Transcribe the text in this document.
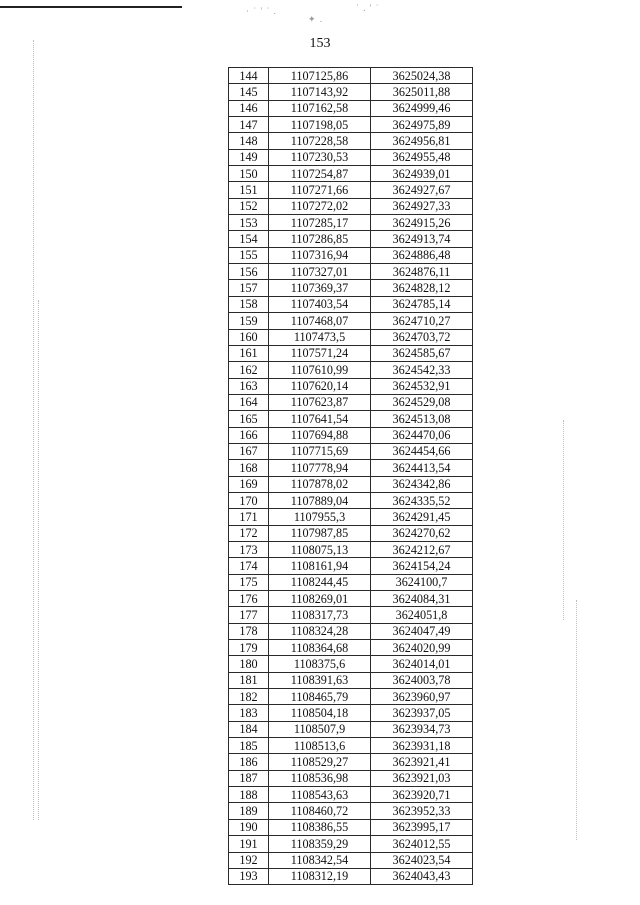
· ˙ ' ˙ .
✦ .
˙ . ' ˙
153
144	1107125,86	3625024,38
145	1107143,92	3625011,88
146	1107162,58	3624999,46
147	1107198,05	3624975,89
148	1107228,58	3624956,81
149	1107230,53	3624955,48
150	1107254,87	3624939,01
151	1107271,66	3624927,67
152	1107272,02	3624927,33
153	1107285,17	3624915,26
154	1107286,85	3624913,74
155	1107316,94	3624886,48
156	1107327,01	3624876,11
157	1107369,37	3624828,12
158	1107403,54	3624785,14
159	1107468,07	3624710,27
160	1107473,5	3624703,72
161	1107571,24	3624585,67
162	1107610,99	3624542,33
163	1107620,14	3624532,91
164	1107623,87	3624529,08
165	1107641,54	3624513,08
166	1107694,88	3624470,06
167	1107715,69	3624454,66
168	1107778,94	3624413,54
169	1107878,02	3624342,86
170	1107889,04	3624335,52
171	1107955,3	3624291,45
172	1107987,85	3624270,62
173	1108075,13	3624212,67
174	1108161,94	3624154,24
175	1108244,45	3624100,7
176	1108269,01	3624084,31
177	1108317,73	3624051,8
178	1108324,28	3624047,49
179	1108364,68	3624020,99
180	1108375,6	3624014,01
181	1108391,63	3624003,78
182	1108465,79	3623960,97
183	1108504,18	3623937,05
184	1108507,9	3623934,73
185	1108513,6	3623931,18
186	1108529,27	3623921,41
187	1108536,98	3623921,03
188	1108543,63	3623920,71
189	1108460,72	3623952,33
190	1108386,55	3623995,17
191	1108359,29	3624012,55
192	1108342,54	3624023,54
193	1108312,19	3624043,43
